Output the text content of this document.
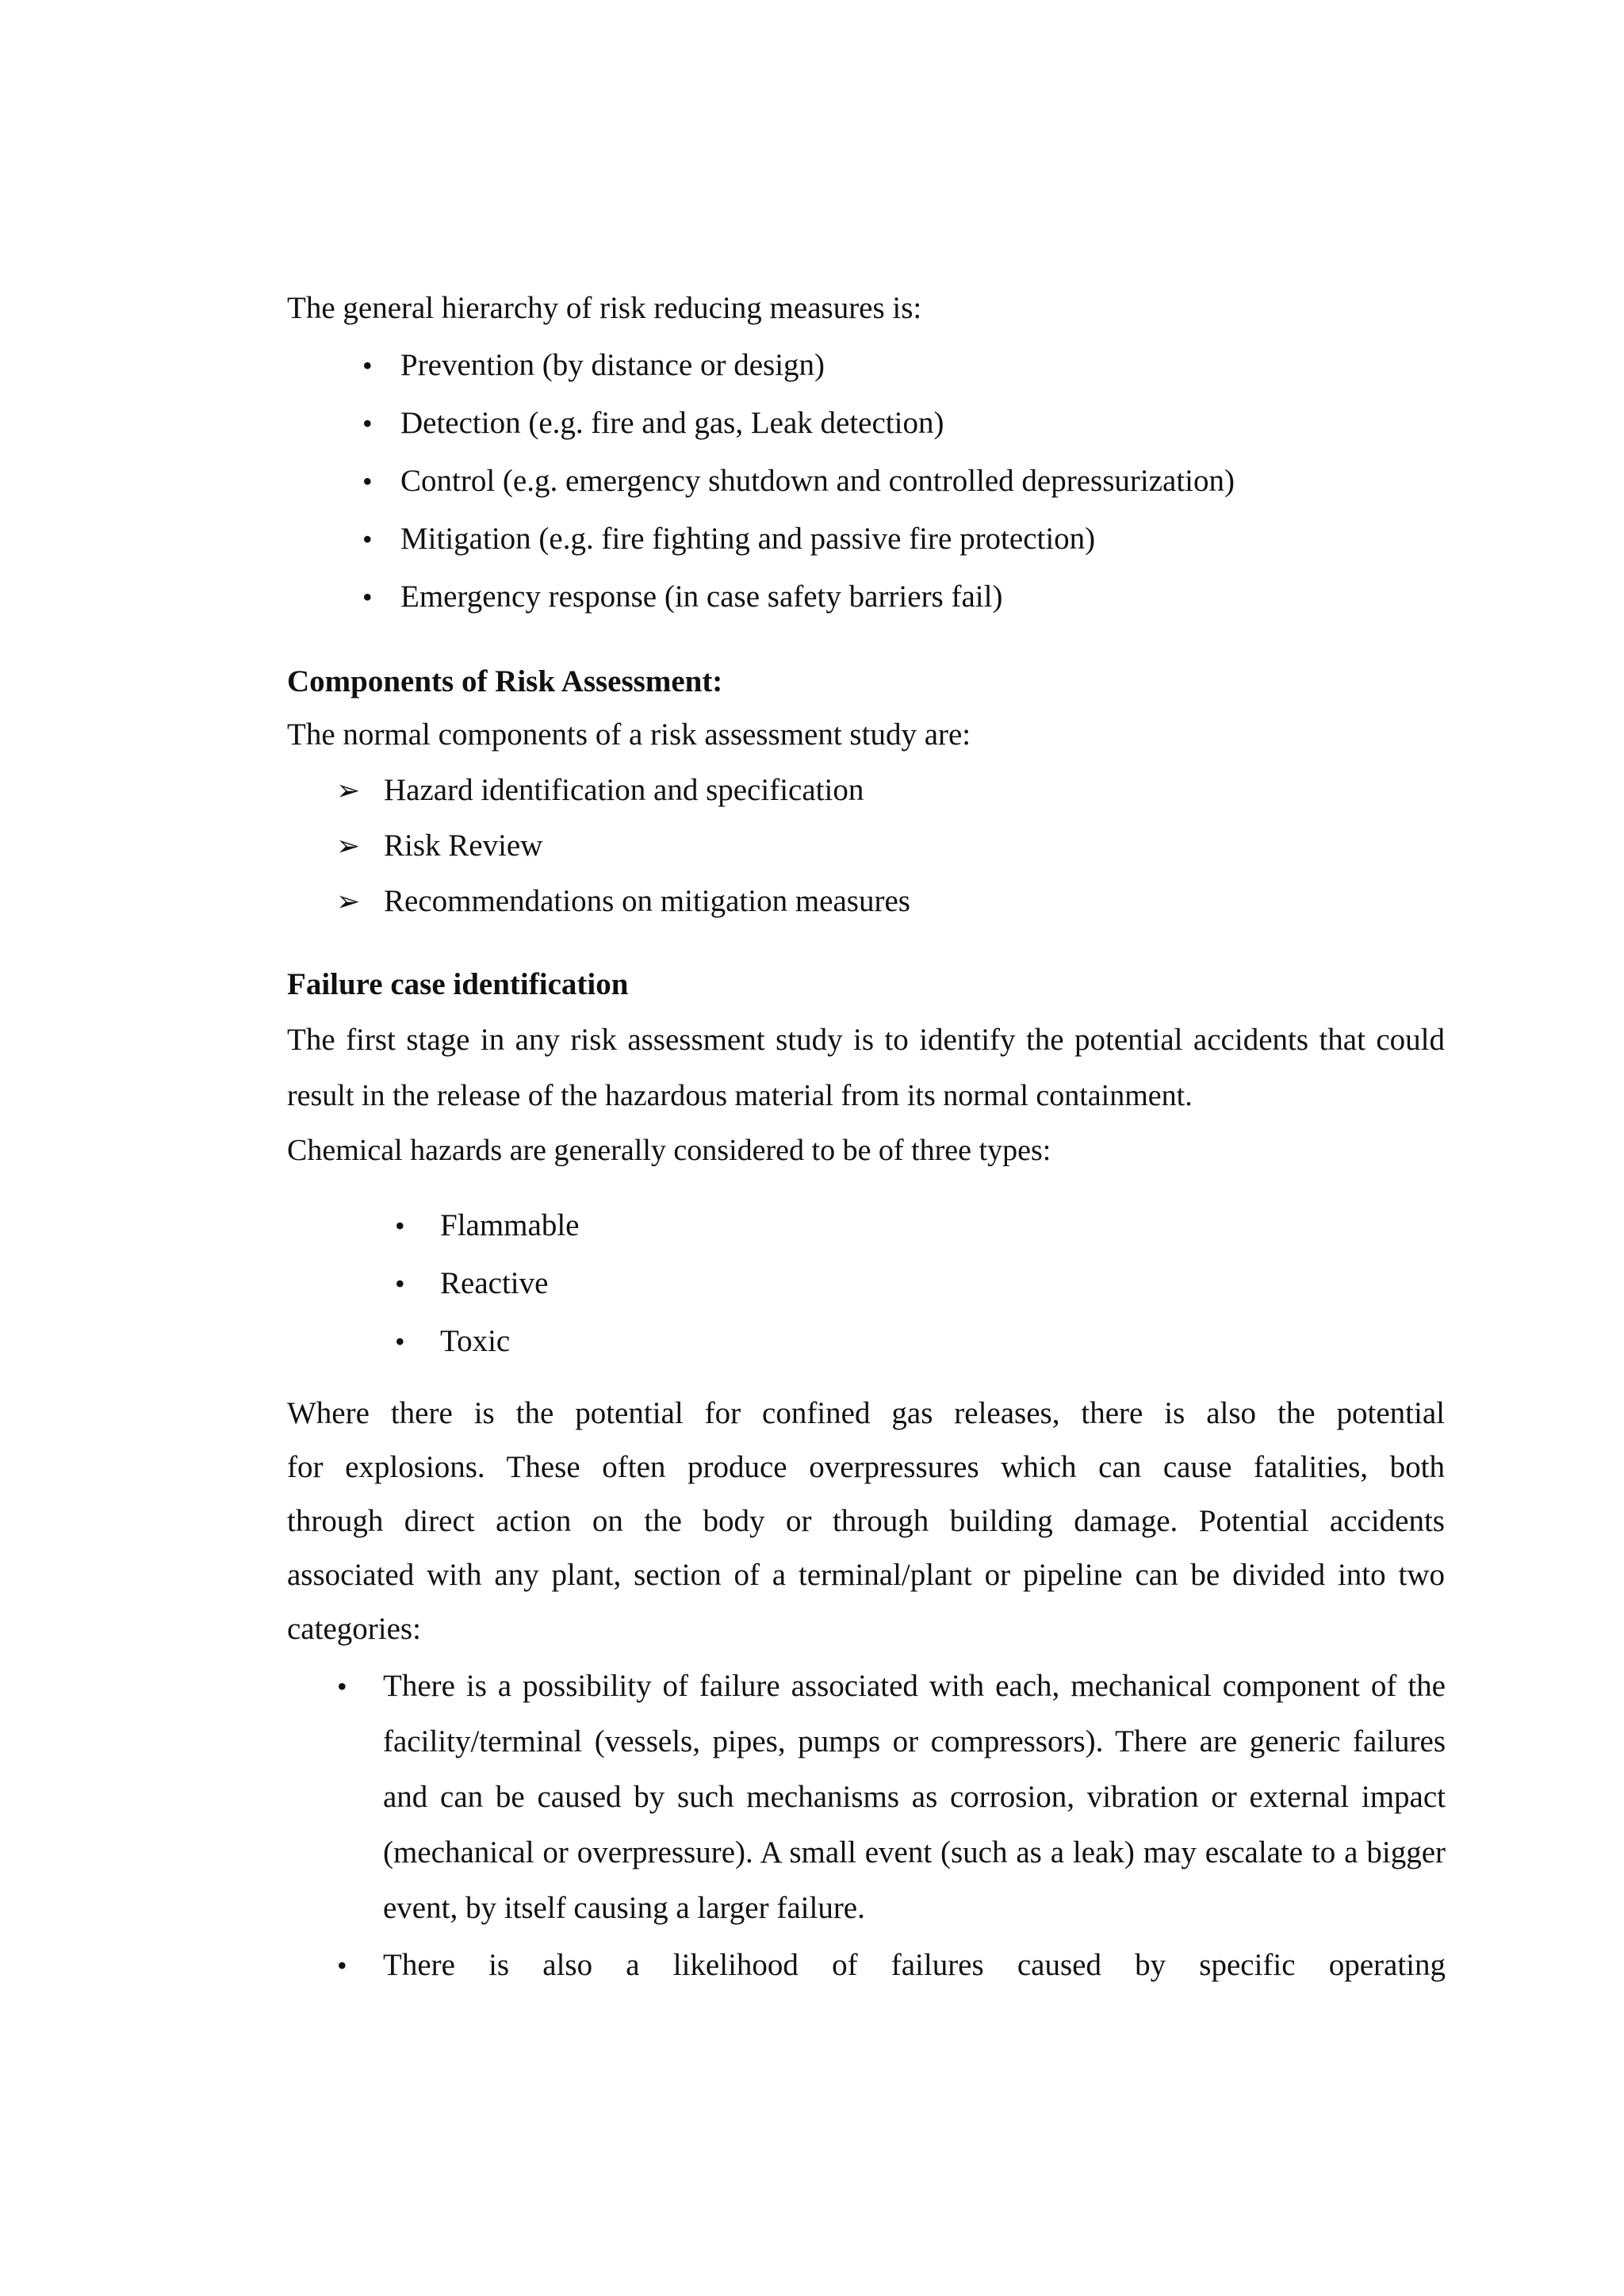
The general hierarchy of risk reducing measures is:
• Prevention (by distance or design)
• Detection (e.g. fire and gas, Leak detection)
• Control (e.g. emergency shutdown and controlled depressurization)
• Mitigation (e.g. fire fighting and passive fire protection)
• Emergency response (in case safety barriers fail)
Components of Risk Assessment:
The normal components of a risk assessment study are:
➢ Hazard identification and specification
➢ Risk Review
➢ Recommendations on mitigation measures
Failure case identification
The first stage in any risk assessment study is to identify the potential accidents that could
result in the release of the hazardous material from its normal containment.
Chemical hazards are generally considered to be of three types:
• Flammable
• Reactive
• Toxic
Where there is the potential for confined gas releases, there is also the potential
for explosions. These often produce overpressures which can cause fatalities, both
through direct action on the body or through building damage. Potential accidents
associated with any plant, section of a terminal/plant or pipeline can be divided into two
categories:
• There is a possibility of failure associated with each, mechanical component of the
facility/terminal (vessels, pipes, pumps or compressors). There are generic failures
and can be caused by such mechanisms as corrosion, vibration or external impact
(mechanical or overpressure). A small event (such as a leak) may escalate to a bigger
event, by itself causing a larger failure.
• There is also a likelihood of failures caused by specific operating
